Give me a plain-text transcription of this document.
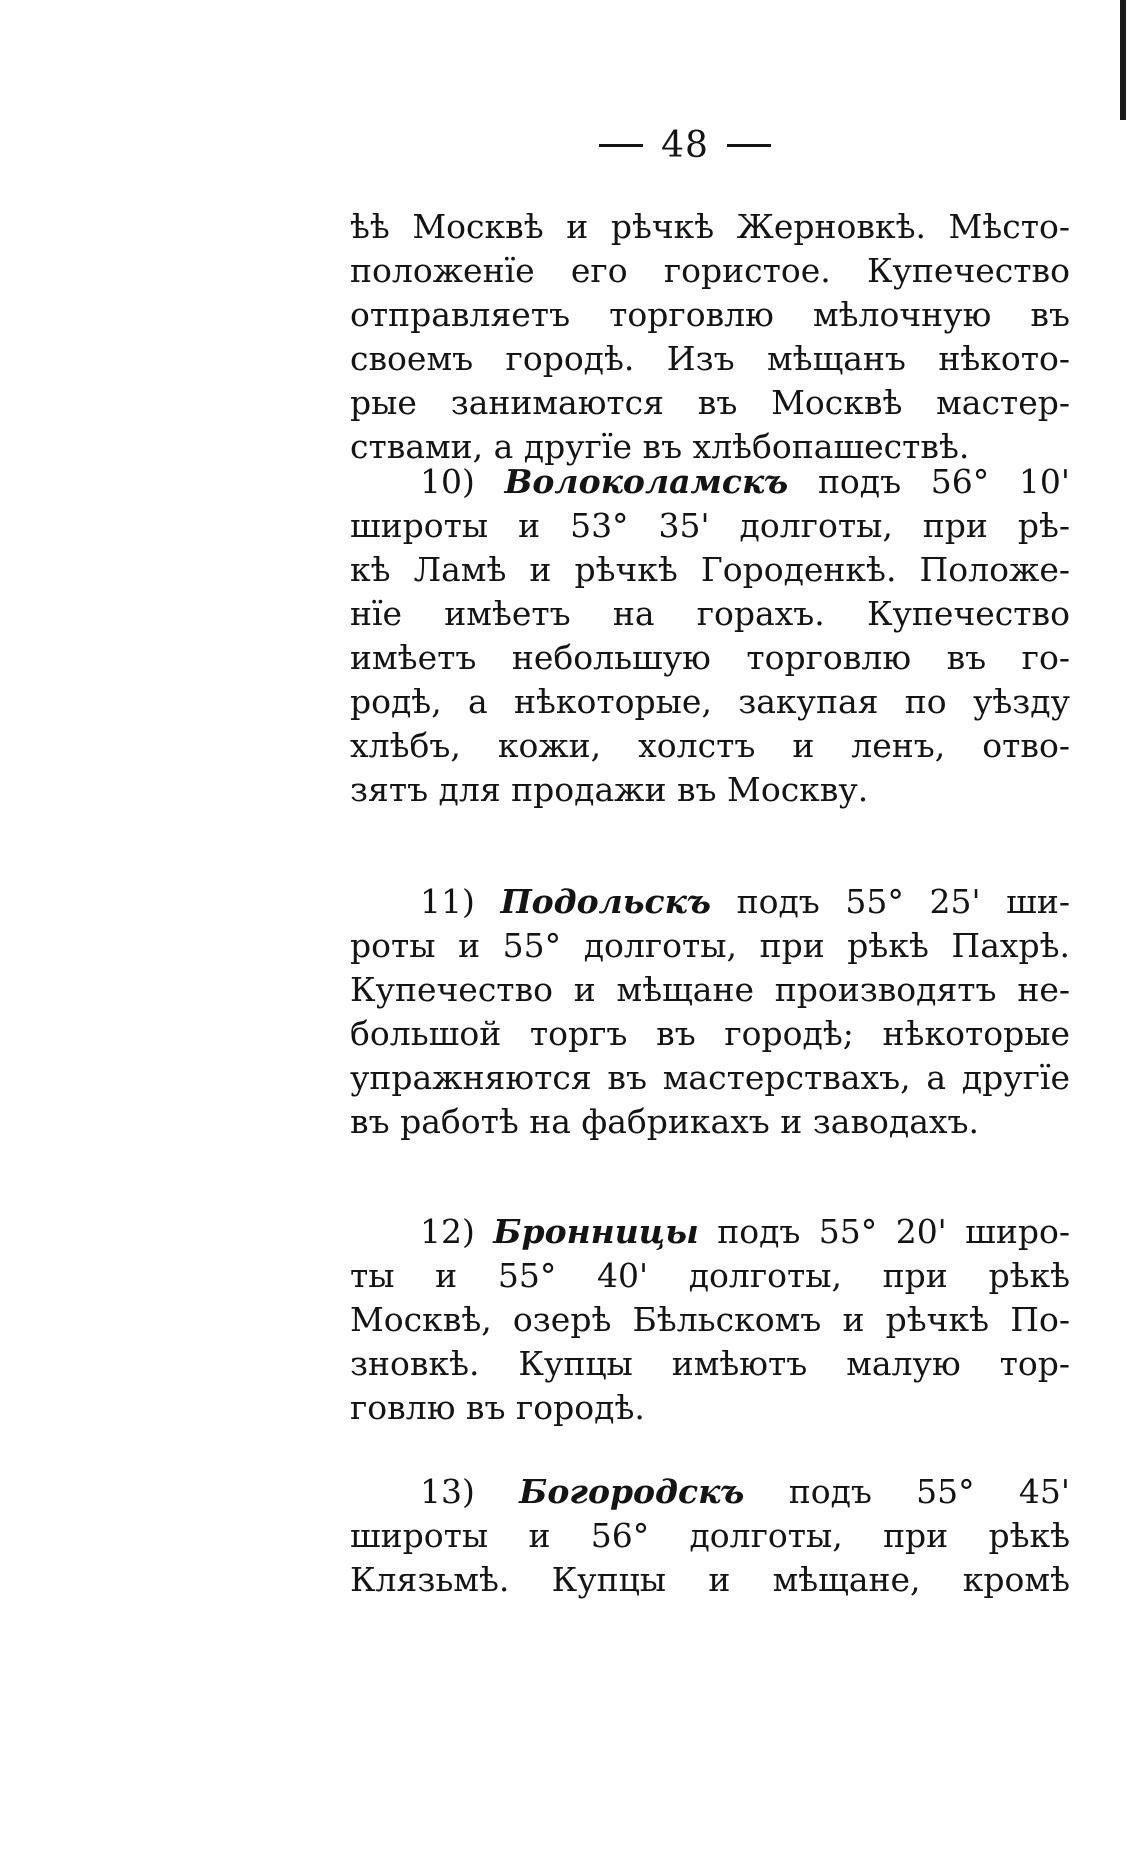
48
ѣѣ Москвѣ и рѣчкѣ Жерновкѣ. Мѣсто-
положенїе его гористое. Купечество
отправляетъ торговлю мѣлочную въ
своемъ городѣ. Изъ мѣщанъ нѣкото-
рые занимаются въ Москвѣ мастер-
ствами, а другїе въ хлѣбопашествѣ.
10) Волоколамскъ подъ 56° 10'
широты и 53° 35' долготы, при рѣ-
кѣ Ламѣ и рѣчкѣ Городенкѣ. Положе-
нїе имѣетъ на горахъ. Купечество
имѣетъ небольшую торговлю въ го-
родѣ, а нѣкоторые, закупая по уѣзду
хлѣбъ, кожи, холстъ и ленъ, отво-
зятъ для продажи въ Москву.
11) Подольскъ подъ 55° 25' ши-
роты и 55° долготы, при рѣкѣ Пахрѣ.
Купечество и мѣщане производятъ не-
большой торгъ въ городѣ; нѣкоторые
упражняются въ мастерствахъ, а другїе
въ работѣ на фабрикахъ и заводахъ.
12) Бронницы подъ 55° 20' широ-
ты и 55° 40' долготы, при рѣкѣ
Москвѣ, озерѣ Бѣльскомъ и рѣчкѣ По-
зновкѣ. Купцы имѣютъ малую тор-
говлю въ городѣ.
13) Богородскъ подъ 55° 45'
широты и 56° долготы, при рѣкѣ
Клязьмѣ. Купцы и мѣщане, кромѣ
